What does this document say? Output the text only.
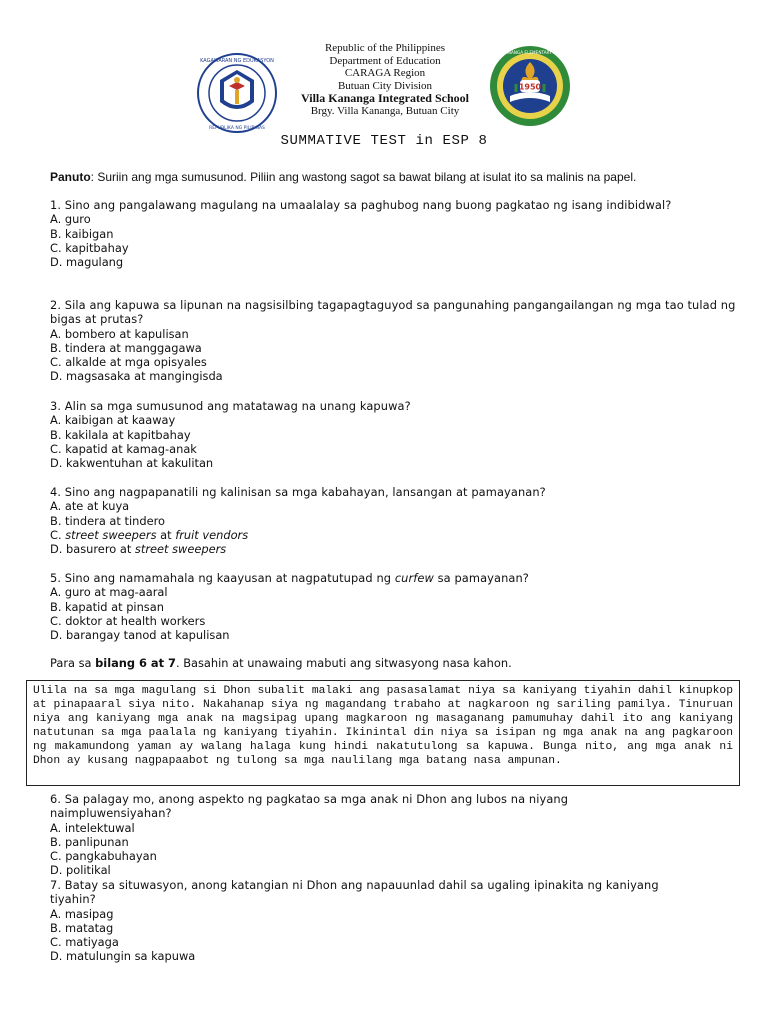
KAGAWARAN NG EDUKASYON
REPUBLIKA NG PILIPINAS
Republic of the Philippines
Department of Education
CARAGA Region
Butuan City Division
Villa Kananga Integrated School
Brgy. Villa Kananga, Butuan City
1950
VILLA KANANGA ELEMENTARY SCHOOL
SUMMATIVE TEST in ESP 8
Panuto: Suriin ang mga sumusunod. Piliin ang wastong sagot sa bawat bilang at isulat ito sa malinis na papel.
1. Sino ang pangalawang magulang na umaalalay sa paghubog nang buong pagkatao ng isang indibidwal?
A. guro
B. kaibigan
C. kapitbahay
D. magulang
2. Sila ang kapuwa sa lipunan na nagsisilbing tagapagtaguyod sa pangunahing pangangailangan ng mga tao tulad ng bigas at prutas?
A. bombero at kapulisan
B. tindera at manggagawa
C. alkalde at mga opisyales
D. magsasaka at mangingisda
3. Alin sa mga sumusunod ang matatawag na unang kapuwa?
A. kaibigan at kaaway
B. kakilala at kapitbahay
C. kapatid at kamag-anak
D. kakwentuhan at kakulitan
4. Sino ang nagpapanatili ng kalinisan sa mga kabahayan, lansangan at pamayanan?
A. ate at kuya
B. tindera at tindero
C. street sweepers at fruit vendors
D. basurero at street sweepers
5. Sino ang namamahala ng kaayusan at nagpatutupad ng curfew sa pamayanan?
A. guro at mag-aaral
B. kapatid at pinsan
C. doktor at health workers
D. barangay tanod at kapulisan
Para sa bilang 6 at 7. Basahin at unawaing mabuti ang sitwasyong nasa kahon.
Ulila na sa mga magulang si Dhon subalit malaki ang pasasalamat niya sa kaniyang tiyahin dahil kinupkop at pinapaaral siya nito. Nakahanap siya ng magandang trabaho at nagkaroon ng sariling pamilya. Tinuruan niya ang kaniyang mga anak na magsipag upang magkaroon ng masaganang pamumuhay dahil ito ang kaniyang natutunan sa mga paalala ng kaniyang tiyahin. Ikinintal din niya sa isipan ng mga anak na ang pagkaroon ng makamundong yaman ay walang halaga kung hindi nakatutulong sa kapuwa. Bunga nito, ang mga anak ni Dhon ay kusang nagpapaabot ng tulong sa mga naulilang mga batang nasa ampunan.
6. Sa palagay mo, anong aspekto ng pagkatao sa mga anak ni Dhon ang lubos na niyang naimpluwensiyahan?
A. intelektuwal
B. panlipunan
C. pangkabuhayan
D. politikal
7. Batay sa situwasyon, anong katangian ni Dhon ang napauunlad dahil sa ugaling ipinakita ng kaniyang tiyahin?
A. masipag
B. matatag
C. matiyaga
D. matulungin sa kapuwa
